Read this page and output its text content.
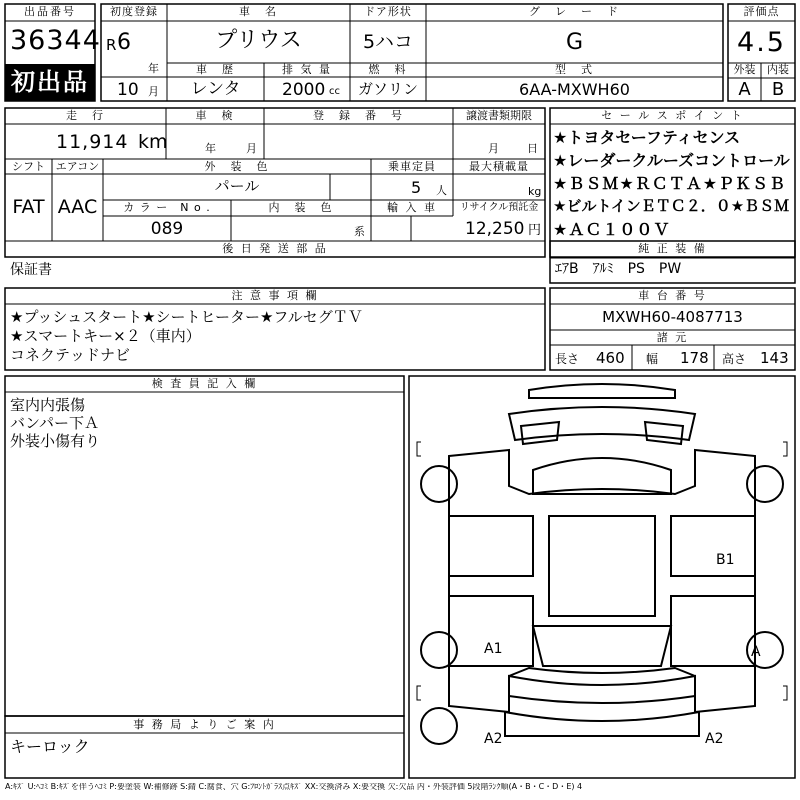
B1
A1	A
A2	A2
出品番号
36344
初出品
初度登録
R 6
年
10 月
車　名
プリウス
ドア形状
5ハコ
グ　レ　ー　ド
G
評価点
4.5
外装	内装
A	B
車　歴
レンタ
排 気 量
2000 cc
燃　料
ガソリン
型　式
6AA-MXWH60
走　行
11,914 km
車　検
年	月
登　録　番　号	譲渡書類期限
月	日
シフト
FAT
エアコン
AAC
外　装　色
パール
乗車定員
5 人
最大積載量
kg
カ ラ ー　N o .
089
内　装　色
系
輸 入 車	リサイクル預託金
12,250 円
後 日 発 送 部 品
保証書
セ ー ル ス ポ イ ン ト
★トヨタセーフティセンス
★レーダークルーズコントロール
★ＢＳＭ★ＲＣＴＡ★ＰＫＳＢ
★ビルトインＥＴＣ２．０★ＢＳＭ
★ＡＣ１００Ｖ
純 正 装 備
ｴｱB　ｱﾙﾐ　PS　PW
注 意 事 項 欄
★プッシュスタート★シートヒーター★フルセグＴＶ
★スマートキー×２（車内）
コネクテッドナビ
車 台 番 号
MXWH60-4087713
諸 元
長さ 460 幅 178 高さ 143
検 査 員 記 入 欄
室内内張傷
バンパー下Ａ
外装小傷有り
事 務 局 よ り ご 案 内
キーロック
A:ｷｽﾞ U:ﾍｺﾐ B:ｷｽﾞを伴うﾍｺﾐ P:要塗装 W:補修跡 S:錆 C:腐食、穴 G:ﾌﾛﾝﾄｶﾞﾗｽ点ｷｽﾞ XX:交換済み X:要交換 欠:欠品 内・外装評価 5段階ﾗﾝｸ順(A・B・C・D・E) 4
